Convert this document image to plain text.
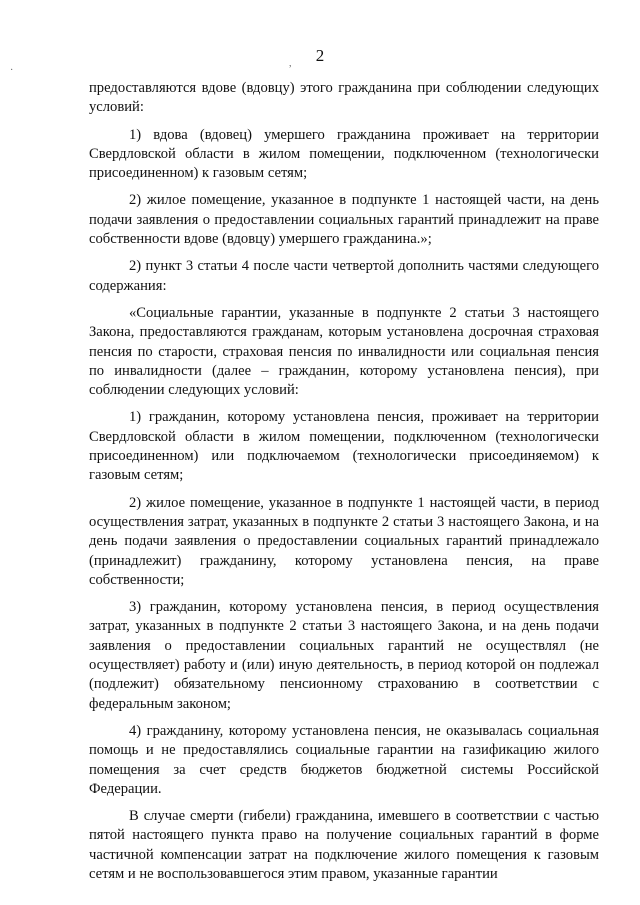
·
,	2

предоставляются вдове (вдовцу) этого гражданина при соблюдении следующих условий:

1) вдова (вдовец) умершего гражданина проживает на территории Свердловской области в жилом помещении, подключенном (технологически присоединенном) к газовым сетям;

2) жилое помещение, указанное в подпункте 1 настоящей части, на день подачи заявления о предоставлении социальных гарантий принадлежит на праве собственности вдове (вдовцу) умершего гражданина.»;

2) пункт 3 статьи 4 после части четвертой дополнить частями следующего содержания:

«Социальные гарантии, указанные в подпункте 2 статьи 3 настоящего Закона, предоставляются гражданам, которым установлена досрочная страховая пенсия по старости, страховая пенсия по инвалидности или социальная пенсия по инвалидности (далее – гражданин, которому установлена пенсия), при соблюдении следующих условий:

1) гражданин, которому установлена пенсия, проживает на территории Свердловской области в жилом помещении, подключенном (технологически присоединенном) или подключаемом (технологически присоединяемом) к газовым сетям;

2) жилое помещение, указанное в подпункте 1 настоящей части, в период осуществления затрат, указанных в подпункте 2 статьи 3 настоящего Закона, и на день подачи заявления о предоставлении социальных гарантий принадлежало (принадлежит) гражданину, которому установлена пенсия, на праве собственности;

3) гражданин, которому установлена пенсия, в период осуществления затрат, указанных в подпункте 2 статьи 3 настоящего Закона, и на день подачи заявления о предоставлении социальных гарантий не осуществлял (не осуществляет) работу и (или) иную деятельность, в период которой он подлежал (подлежит) обязательному пенсионному страхованию в соответствии с федеральным законом;

4) гражданину, которому установлена пенсия, не оказывалась социальная помощь и не предоставлялись социальные гарантии на газификацию жилого помещения за счет средств бюджетов бюджетной системы Российской Федерации.

В случае смерти (гибели) гражданина, имевшего в соответствии с частью пятой настоящего пункта право на получение социальных гарантий в форме частичной компенсации затрат на подключение жилого помещения к газовым сетям и не воспользовавшегося этим правом, указанные гарантии
